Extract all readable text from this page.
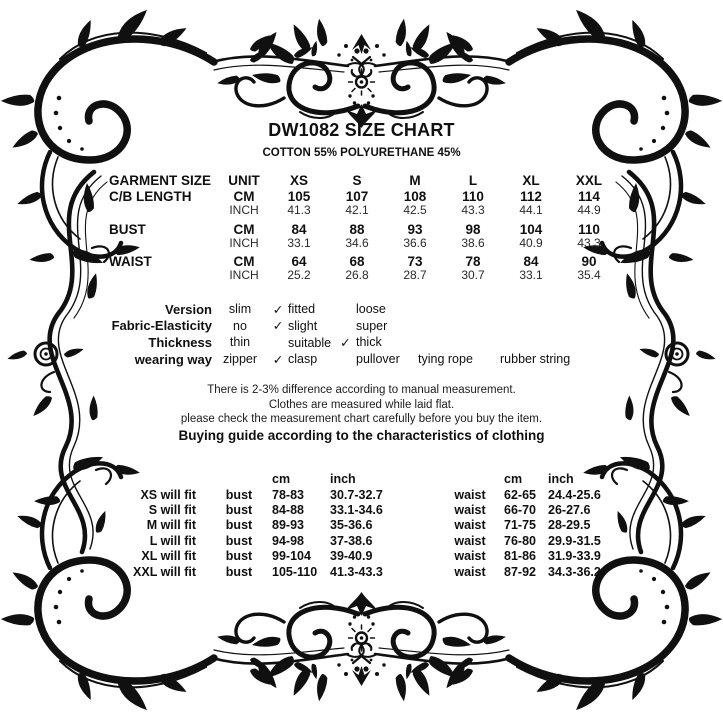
DW1082 SIZE CHART
COTTON 55% POLYURETHANE 45%
GARMENT SIZE	UNIT	XS	S	M	L	XL	XXL
C/B LENGTH	CM	105	107	108	110	112	114
INCH	41.3	42.1	42.5	43.3	44.1	44.9
BUST	CM	84	88	93	98	104	110
INCH	33.1	34.6	36.6	38.6	40.9	43.3
WAIST	CM	64	68	73	78	84	90
INCH	25.2	26.8	28.7	30.7	33.1	35.4
Version	slim	✓ fitted	loose
Fabric-Elasticity	no	✓ slight	super
Thickness	thin	suitable ✓ thick
wearing way zipper	✓ clasp	pullover	tying rope	rubber string
There is 2-3% difference according to manual measurement.
Clothes are measured while laid flat.
please check the measurement chart carefully before you buy the item.
Buying guide according to the characteristics of clothing
cm	inch	cm	inch
XS will fit	bust	78-83	30.7-32.7	waist	62-65 24.4-25.6
S will fit	bust	84-88	33.1-34.6	waist	66-70 26-27.6
M will fit	bust	89-93	35-36.6	waist	71-75 28-29.5
L will fit	bust	94-98	37-38.6	waist	76-80 29.9-31.5
XL will fit	bust	99-104	39-40.9	waist	81-86 31.9-33.9
XXL will fit	bust	105-110	41.3-43.3	waist	87-92 34.3-36.2
